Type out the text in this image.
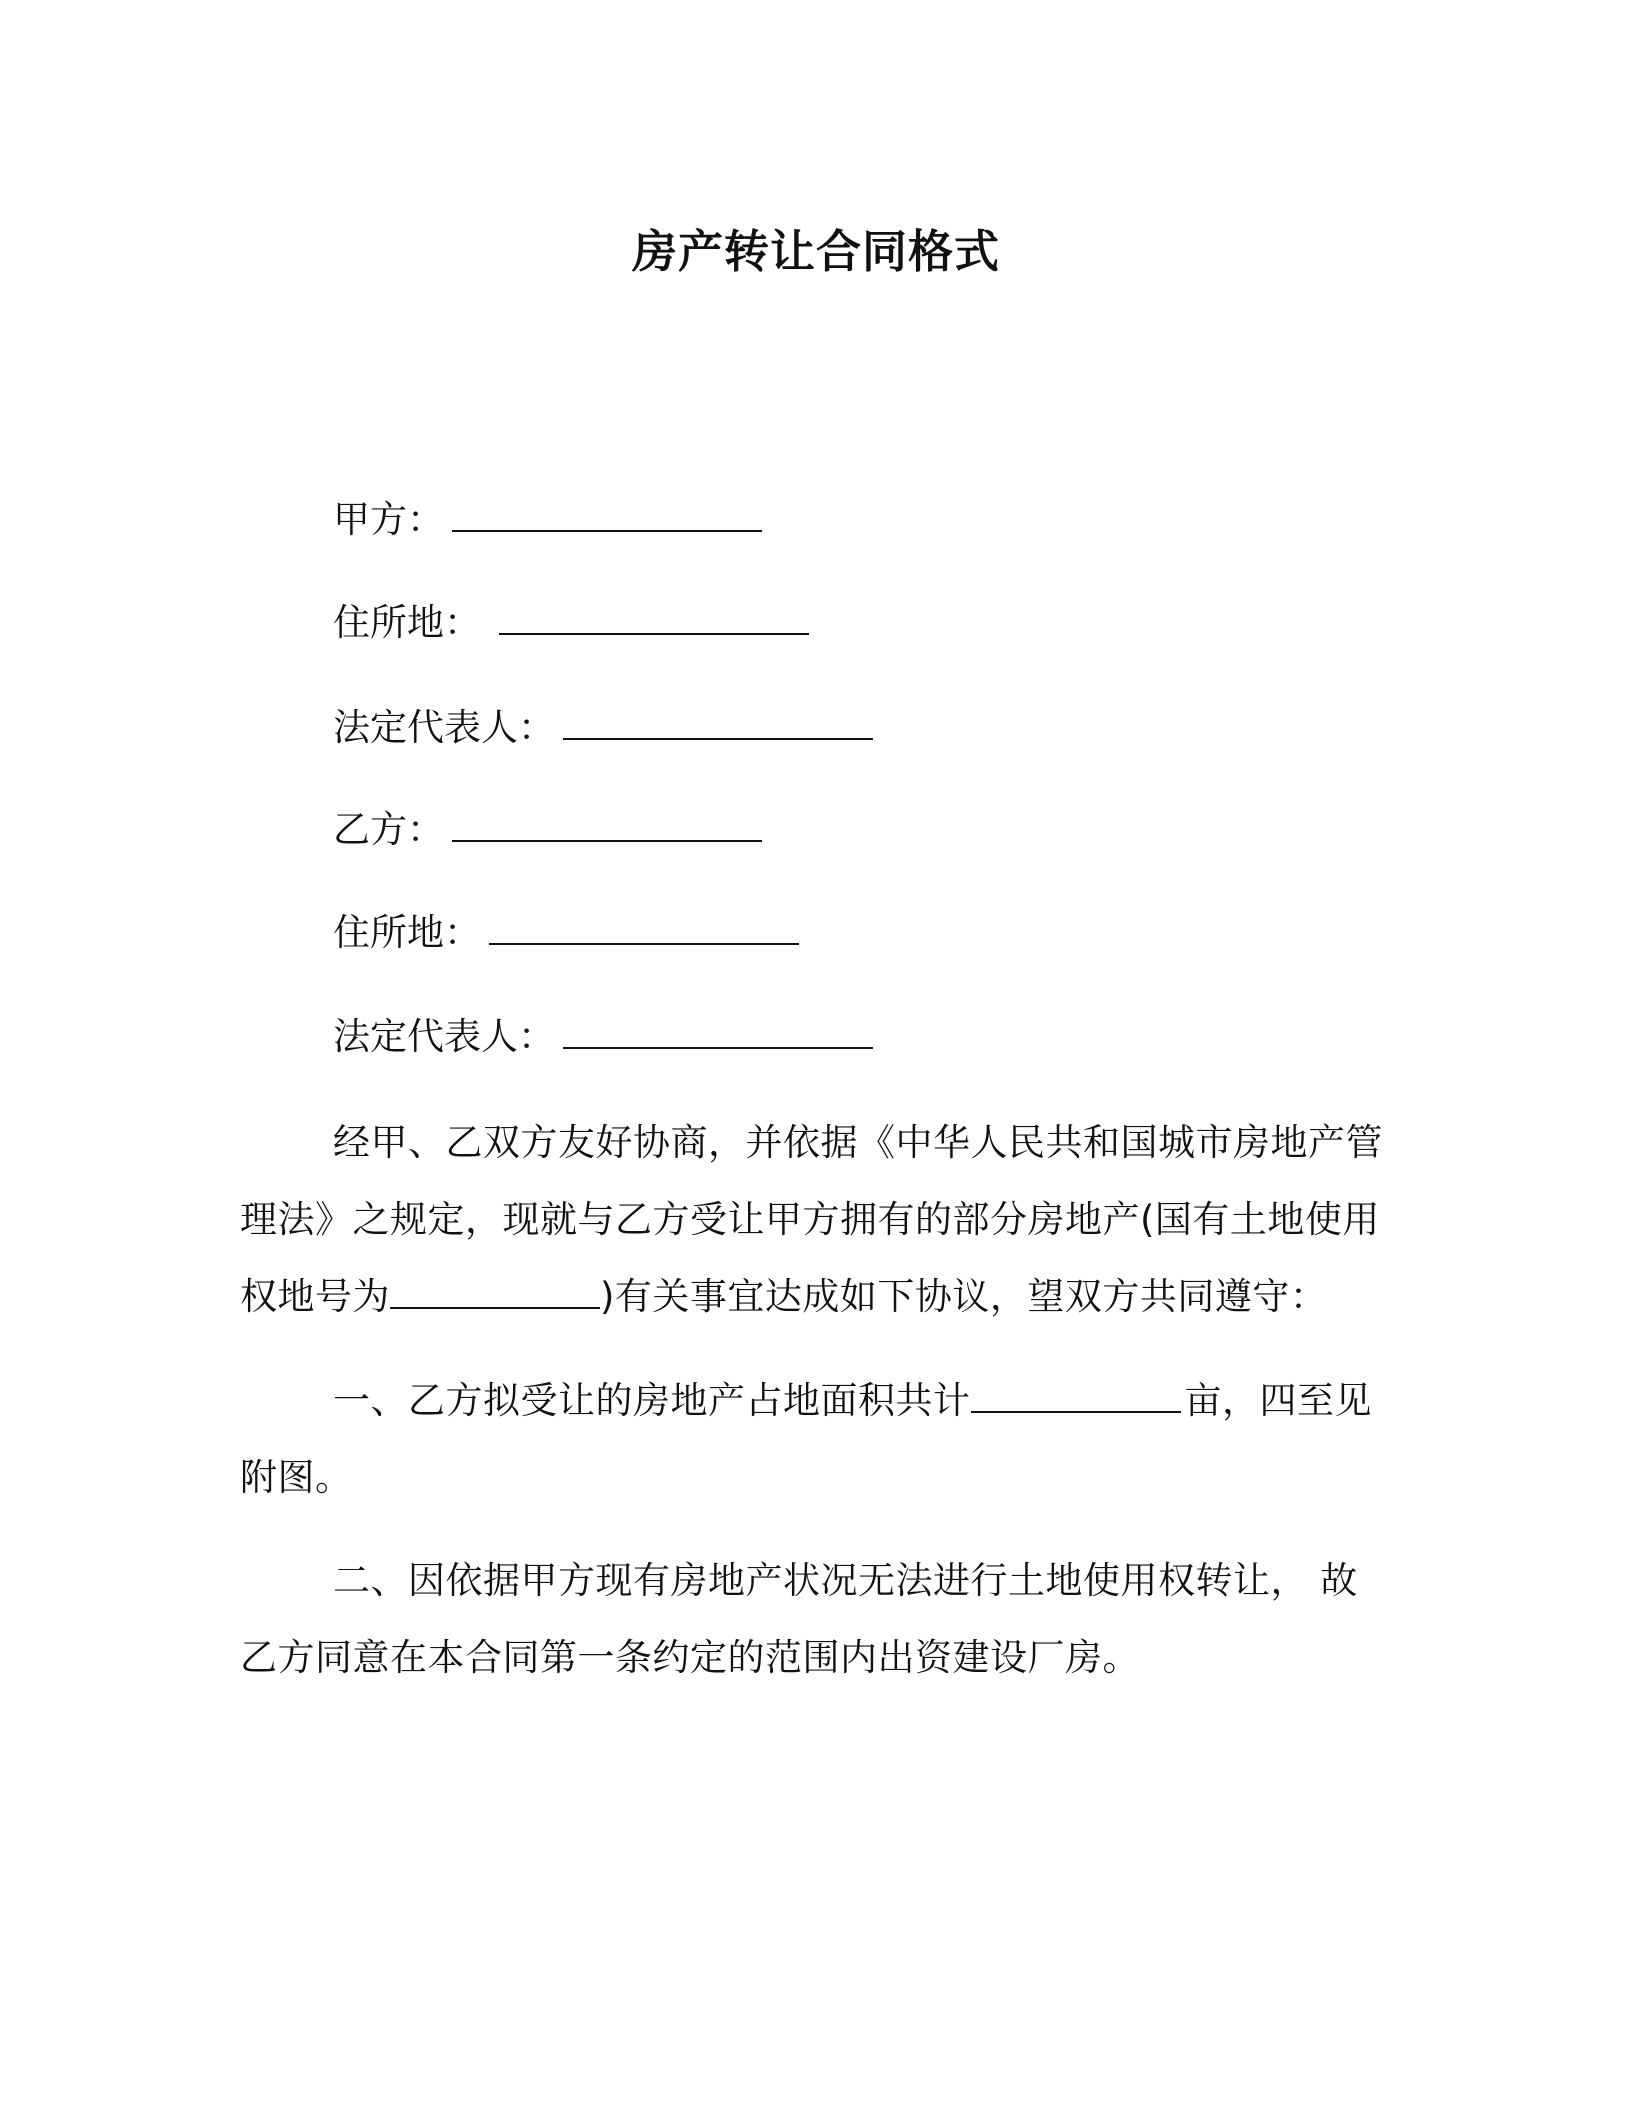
房产转让合同格式
甲方：
住所地：
法定代表人：
乙方：
住所地：
法定代表人：
经甲、乙双方友好协商，并依据《中华人民共和国城市房地产管理法》之规定，现就与乙方受让甲方拥有的部分房地产(国有土地使用权地号为	)有关事宜达成如下协议，望双方共同遵守：
一、乙方拟受让的房地产占地面积共计	亩，四至见附图。
二、因依据甲方现有房地产状况无法进行土地使用权转让， 故乙方同意在本合同第一条约定的范围内出资建设厂房。
